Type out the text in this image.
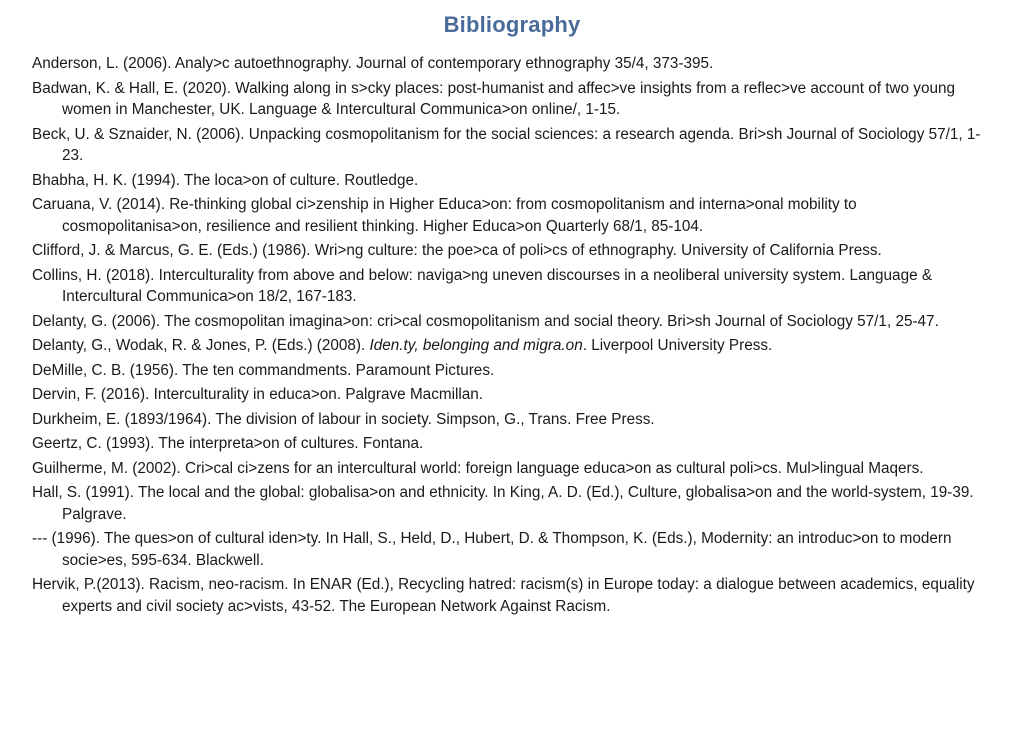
Bibliography
Anderson, L. (2006). Analy>c autoethnography. Journal of contemporary ethnography 35/4, 373-395.
Badwan, K. & Hall, E. (2020). Walking along in s>cky places: post-humanist and affec>ve insights from a reflec>ve account of two young women in Manchester, UK. Language & Intercultural Communica>on online/, 1-15.
Beck, U. & Sznaider, N. (2006). Unpacking cosmopolitanism for the social sciences: a research agenda. Bri>sh Journal of Sociology 57/1, 1-23.
Bhabha, H. K. (1994). The loca>on of culture. Routledge.
Caruana, V. (2014). Re-thinking global ci>zenship in Higher Educa>on: from cosmopolitanism and interna>onal mobility to cosmopolitanisa>on, resilience and resilient thinking. Higher Educa>on Quarterly 68/1, 85-104.
Clifford, J. & Marcus, G. E. (Eds.) (1986). Wri>ng culture: the poe>ca of poli>cs of ethnography. University of California Press.
Collins, H. (2018). Interculturality from above and below: naviga>ng uneven discourses in a neoliberal university system. Language & Intercultural Communica>on 18/2, 167-183.
Delanty, G. (2006). The cosmopolitan imagina>on: cri>cal cosmopolitanism and social theory. Bri>sh Journal of Sociology 57/1, 25-47.
Delanty, G., Wodak, R. & Jones, P. (Eds.) (2008). Iden.ty, belonging and migra.on. Liverpool University Press.
DeMille, C. B. (1956). The ten commandments. Paramount Pictures.
Dervin, F. (2016). Interculturality in educa>on. Palgrave Macmillan.
Durkheim, E. (1893/1964). The division of labour in society. Simpson, G., Trans. Free Press.
Geertz, C. (1993). The interpreta>on of cultures. Fontana.
Guilherme, M. (2002). Cri>cal ci>zens for an intercultural world: foreign language educa>on as cultural poli>cs. Mul>lingual Maqers.
Hall, S. (1991). The local and the global: globalisa>on and ethnicity. In King, A. D. (Ed.), Culture, globalisa>on and the world-system, 19-39. Palgrave.
--- (1996). The ques>on of cultural iden>ty. In Hall, S., Held, D., Hubert, D. & Thompson, K. (Eds.), Modernity: an introduc>on to modern socie>es, 595-634. Blackwell.
Hervik, P.(2013). Racism, neo-racism. In ENAR (Ed.), Recycling hatred: racism(s) in Europe today: a dialogue between academics, equality experts and civil society ac>vists, 43-52. The European Network Against Racism.
